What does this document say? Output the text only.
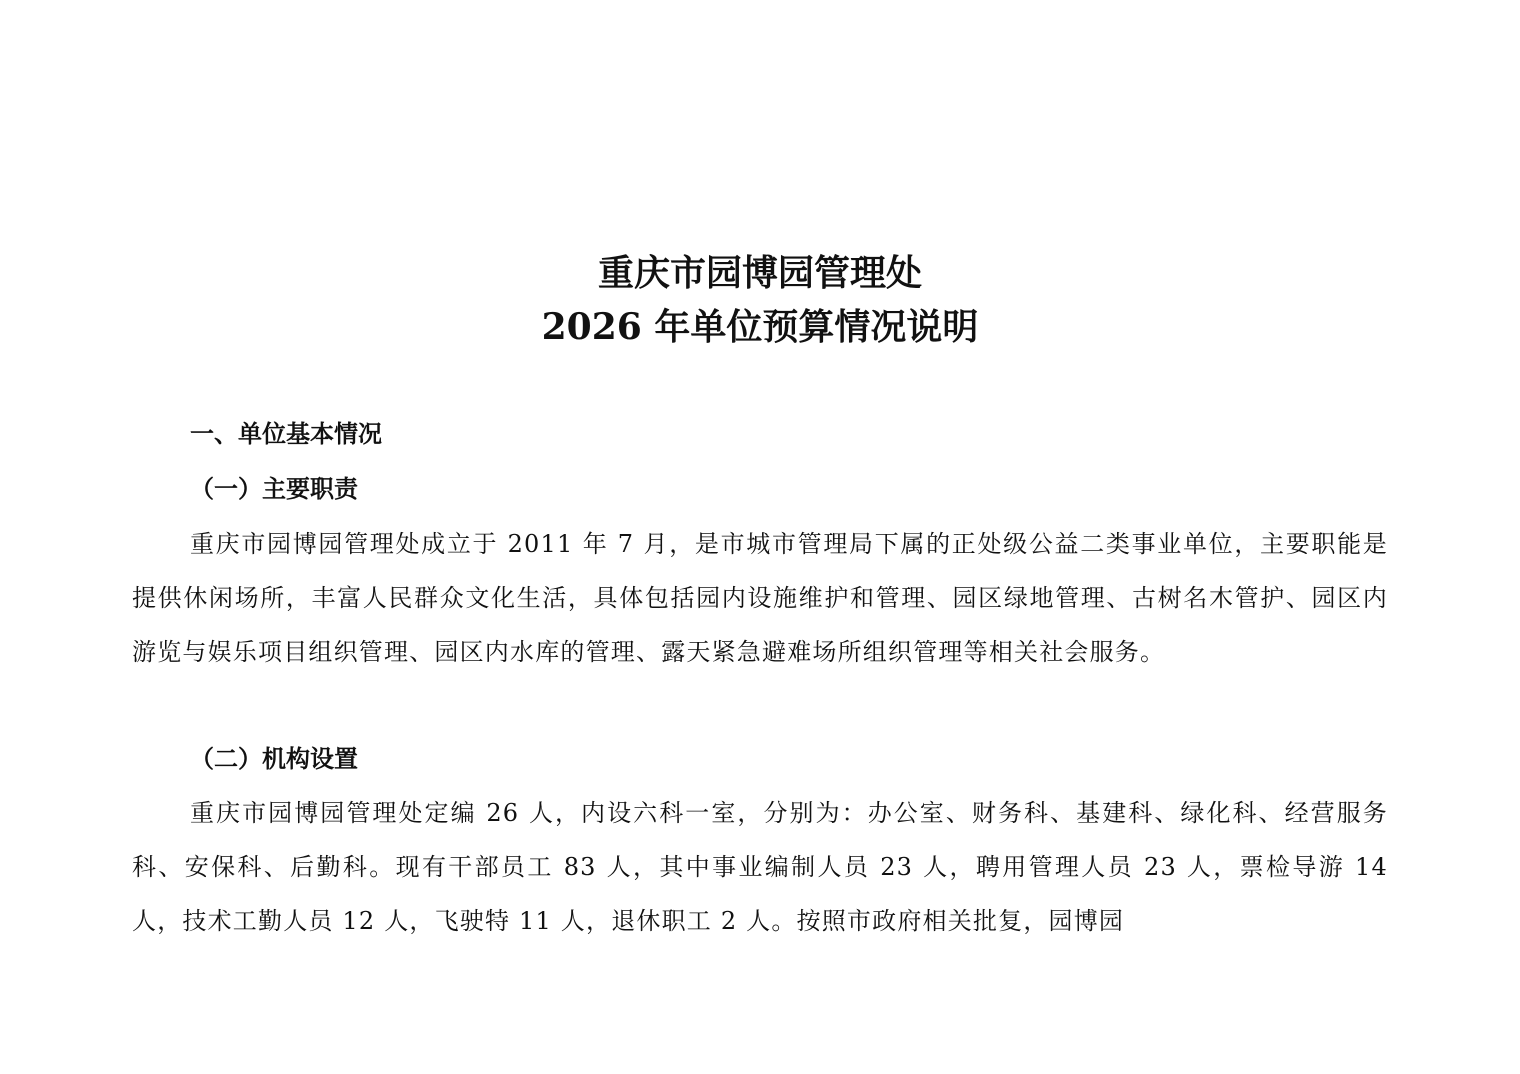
重庆市园博园管理处
2026 年单位预算情况说明
一、单位基本情况
（一）主要职责
重庆市园博园管理处成立于 2011 年 7 月，是市城市管理局下属的正处级公益二类事业单位，主要职能是提供休闲场所，丰富人民群众文化生活，具体包括园内设施维护和管理、园区绿地管理、古树名木管护、园区内游览与娱乐项目组织管理、园区内水库的管理、露天紧急避难场所组织管理等相关社会服务。
（二）机构设置
重庆市园博园管理处定编 26 人，内设六科一室，分别为：办公室、财务科、基建科、绿化科、经营服务科、安保科、后勤科。现有干部员工 83 人，其中事业编制人员 23 人，聘用管理人员 23 人，票检导游 14 人，技术工勤人员 12 人，飞驶特 11 人，退休职工 2 人。按照市政府相关批复，园博园
